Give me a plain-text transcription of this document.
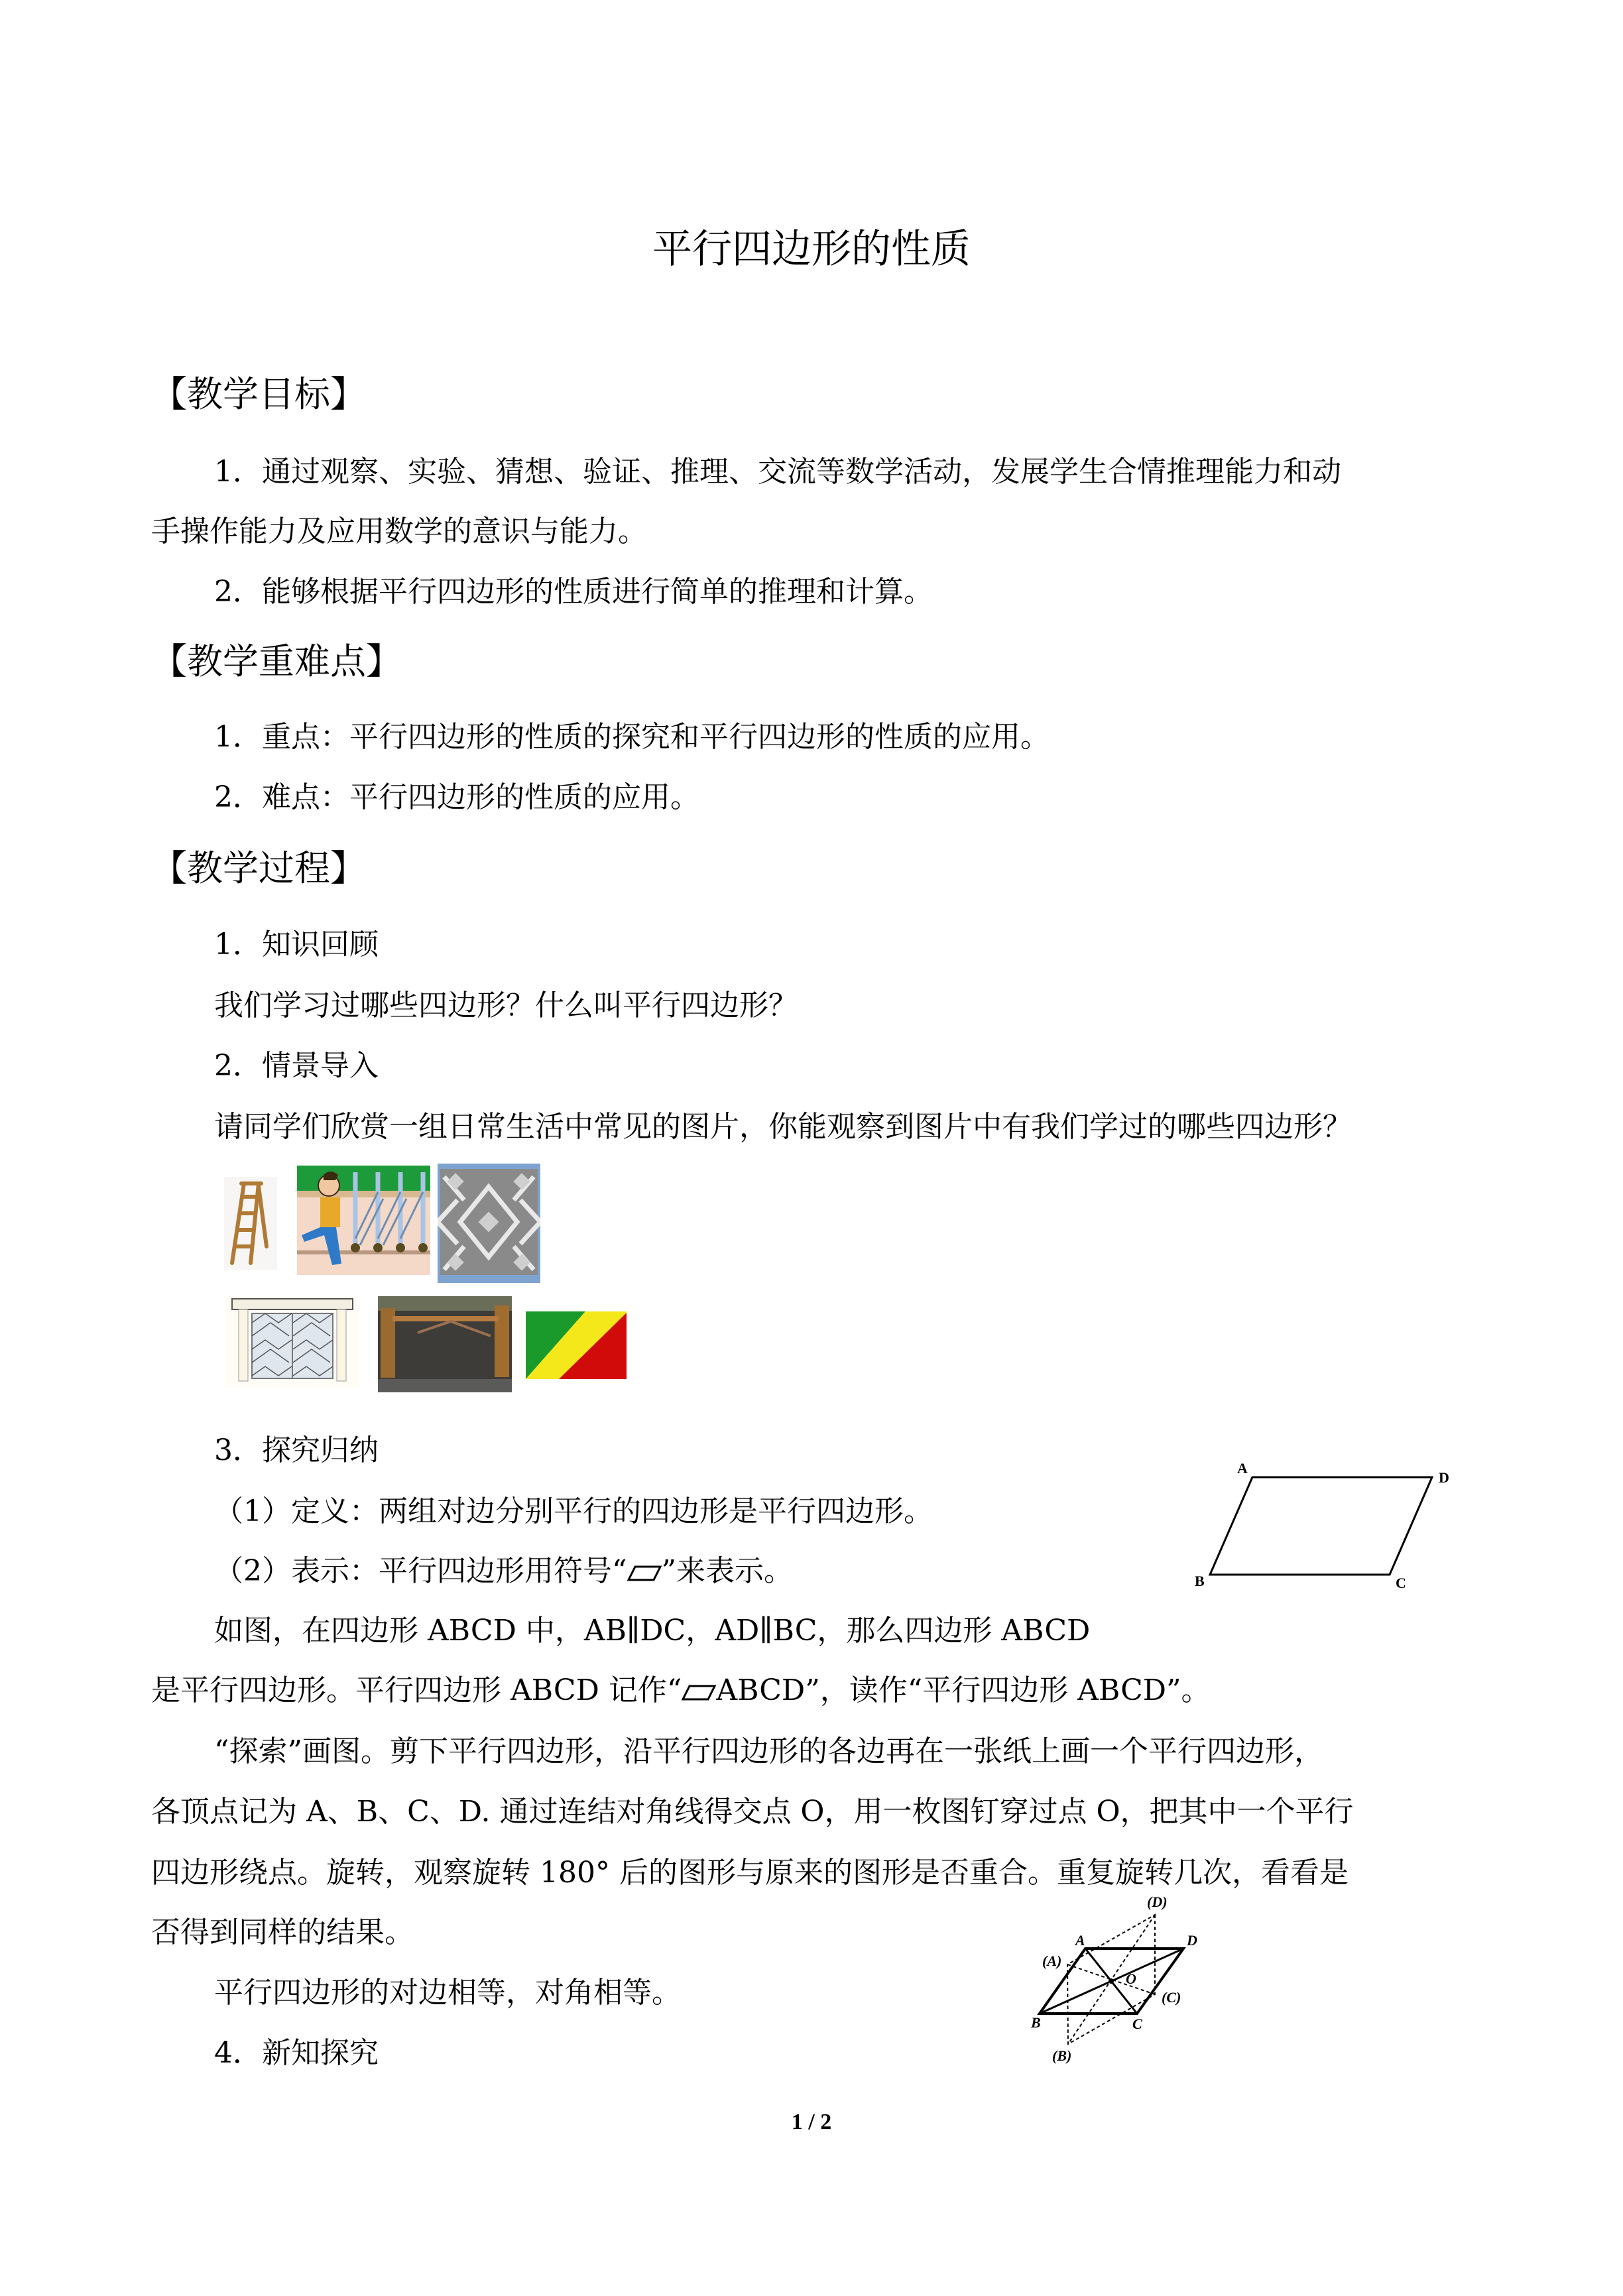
平行四边形的性质
【教学目标】
1．通过观察、实验、猜想、验证、推理、交流等数学活动，发展学生合情推理能力和动
手操作能力及应用数学的意识与能力。
2．能够根据平行四边形的性质进行简单的推理和计算。
【教学重难点】
1．重点：平行四边形的性质的探究和平行四边形的性质的应用。
2．难点：平行四边形的性质的应用。
【教学过程】
1．知识回顾
我们学习过哪些四边形？什么叫平行四边形？
2．情景导入
请同学们欣赏一组日常生活中常见的图片，你能观察到图片中有我们学过的哪些四边形？
3．探究归纳
（1）定义：两组对边分别平行的四边形是平行四边形。
（2）表示：平行四边形用符号“ ”来表示。
如图，在四边形 ABCD 中，AB∥DC，AD∥BC，那么四边形 ABCD
是平行四边形。平行四边形 ABCD 记作“ ABCD”，读作“平行四边形 ABCD”。
A
D
B	C
“探索”画图。剪下平行四边形，沿平行四边形的各边再在一张纸上画一个平行四边形，
各顶点记为 A、B、C、D. 通过连结对角线得交点 O，用一枚图钉穿过点 O，把其中一个平行
四边形绕点。旋转，观察旋转 180° 后的图形与原来的图形是否重合。重复旋转几次，看看是
否得到同样的结果。
平行四边形的对边相等，对角相等。
4．新知探究
A	D
B	C
O
(D)
(A)
(C)
(B)
1 / 2
